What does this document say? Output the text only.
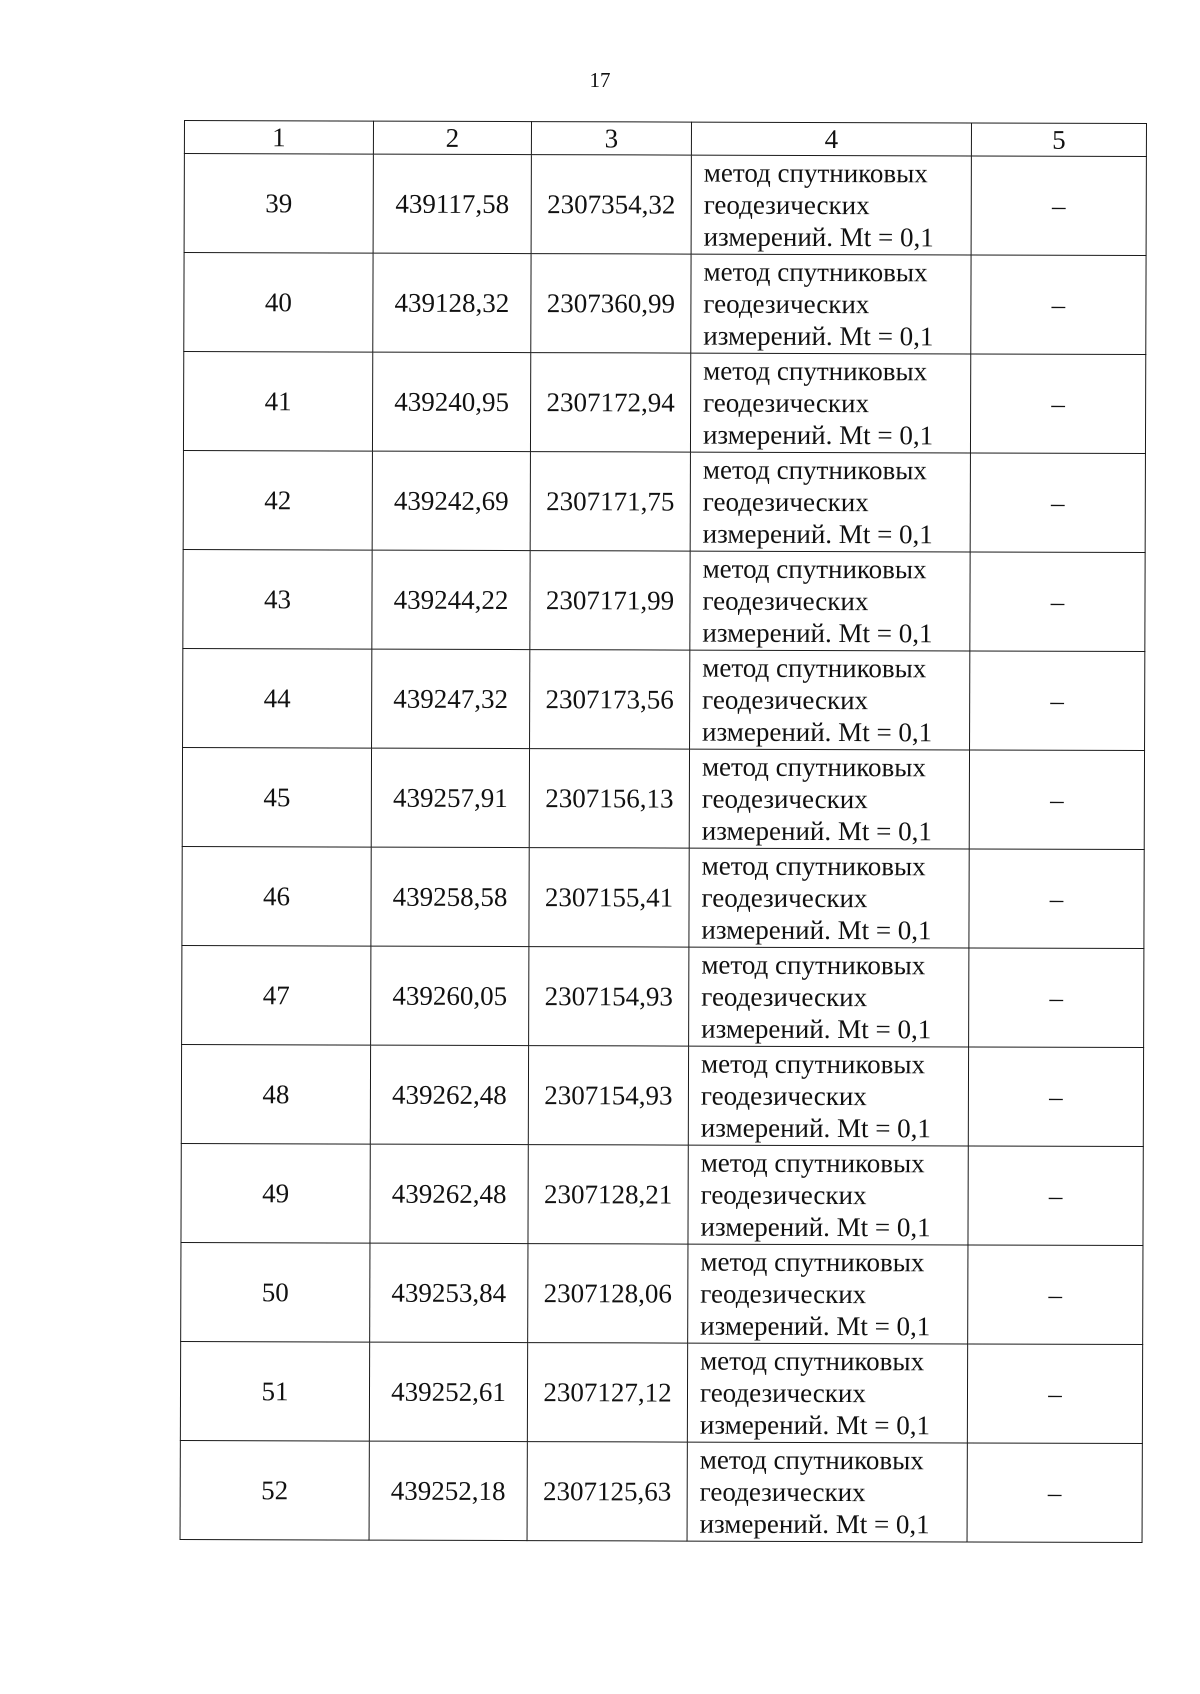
17
1	2	3	4	5
39	439117,58	2307354,32	метод спутниковых
геодезических
измерений. Mt = 0,1	–
40	439128,32	2307360,99	метод спутниковых
геодезических
измерений. Mt = 0,1	–
41	439240,95	2307172,94	метод спутниковых
геодезических
измерений. Mt = 0,1	–
42	439242,69	2307171,75	метод спутниковых
геодезических
измерений. Mt = 0,1	–
43	439244,22	2307171,99	метод спутниковых
геодезических
измерений. Mt = 0,1	–
44	439247,32	2307173,56	метод спутниковых
геодезических
измерений. Mt = 0,1	–
45	439257,91	2307156,13	метод спутниковых
геодезических
измерений. Mt = 0,1	–
46	439258,58	2307155,41	метод спутниковых
геодезических
измерений. Mt = 0,1	–
47	439260,05	2307154,93	метод спутниковых
геодезических
измерений. Mt = 0,1	–
48	439262,48	2307154,93	метод спутниковых
геодезических
измерений. Mt = 0,1	–
49	439262,48	2307128,21	метод спутниковых
геодезических
измерений. Mt = 0,1	–
50	439253,84	2307128,06	метод спутниковых
геодезических
измерений. Mt = 0,1	–
51	439252,61	2307127,12	метод спутниковых
геодезических
измерений. Mt = 0,1	–
52	439252,18	2307125,63	метод спутниковых
геодезических
измерений. Mt = 0,1	–
